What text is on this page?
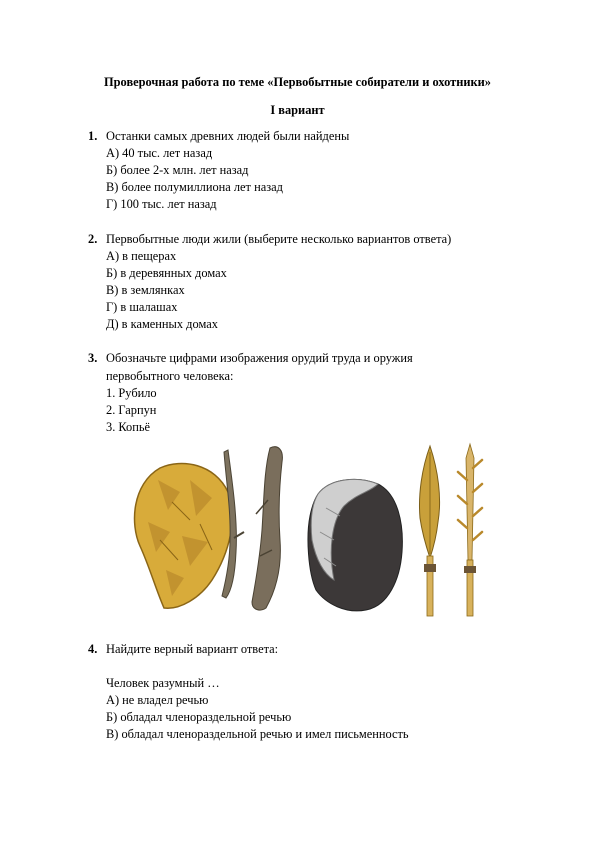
Проверочная работа по теме «Первобытные собиратели и охотники»
I вариант
1. Останки самых древних людей были найдены
А) 40 тыс. лет назад
Б) более 2-х млн. лет назад
В) более полумиллиона лет назад
Г) 100 тыс. лет назад
2. Первобытные люди жили (выберите несколько вариантов ответа)
А) в пещерах
Б) в деревянных домах
В) в землянках
Г) в шалашах
Д) в каменных домах
3. Обозначьте цифрами изображения орудий труда и оружия
первобытного человека:
1. Рубило
2. Гарпун
3. Копьё
4. Найдите верный вариант ответа:
Человек разумный …
А) не владел речью
Б) обладал членораздельной речью
В) обладал членораздельной речью и имел письменность
